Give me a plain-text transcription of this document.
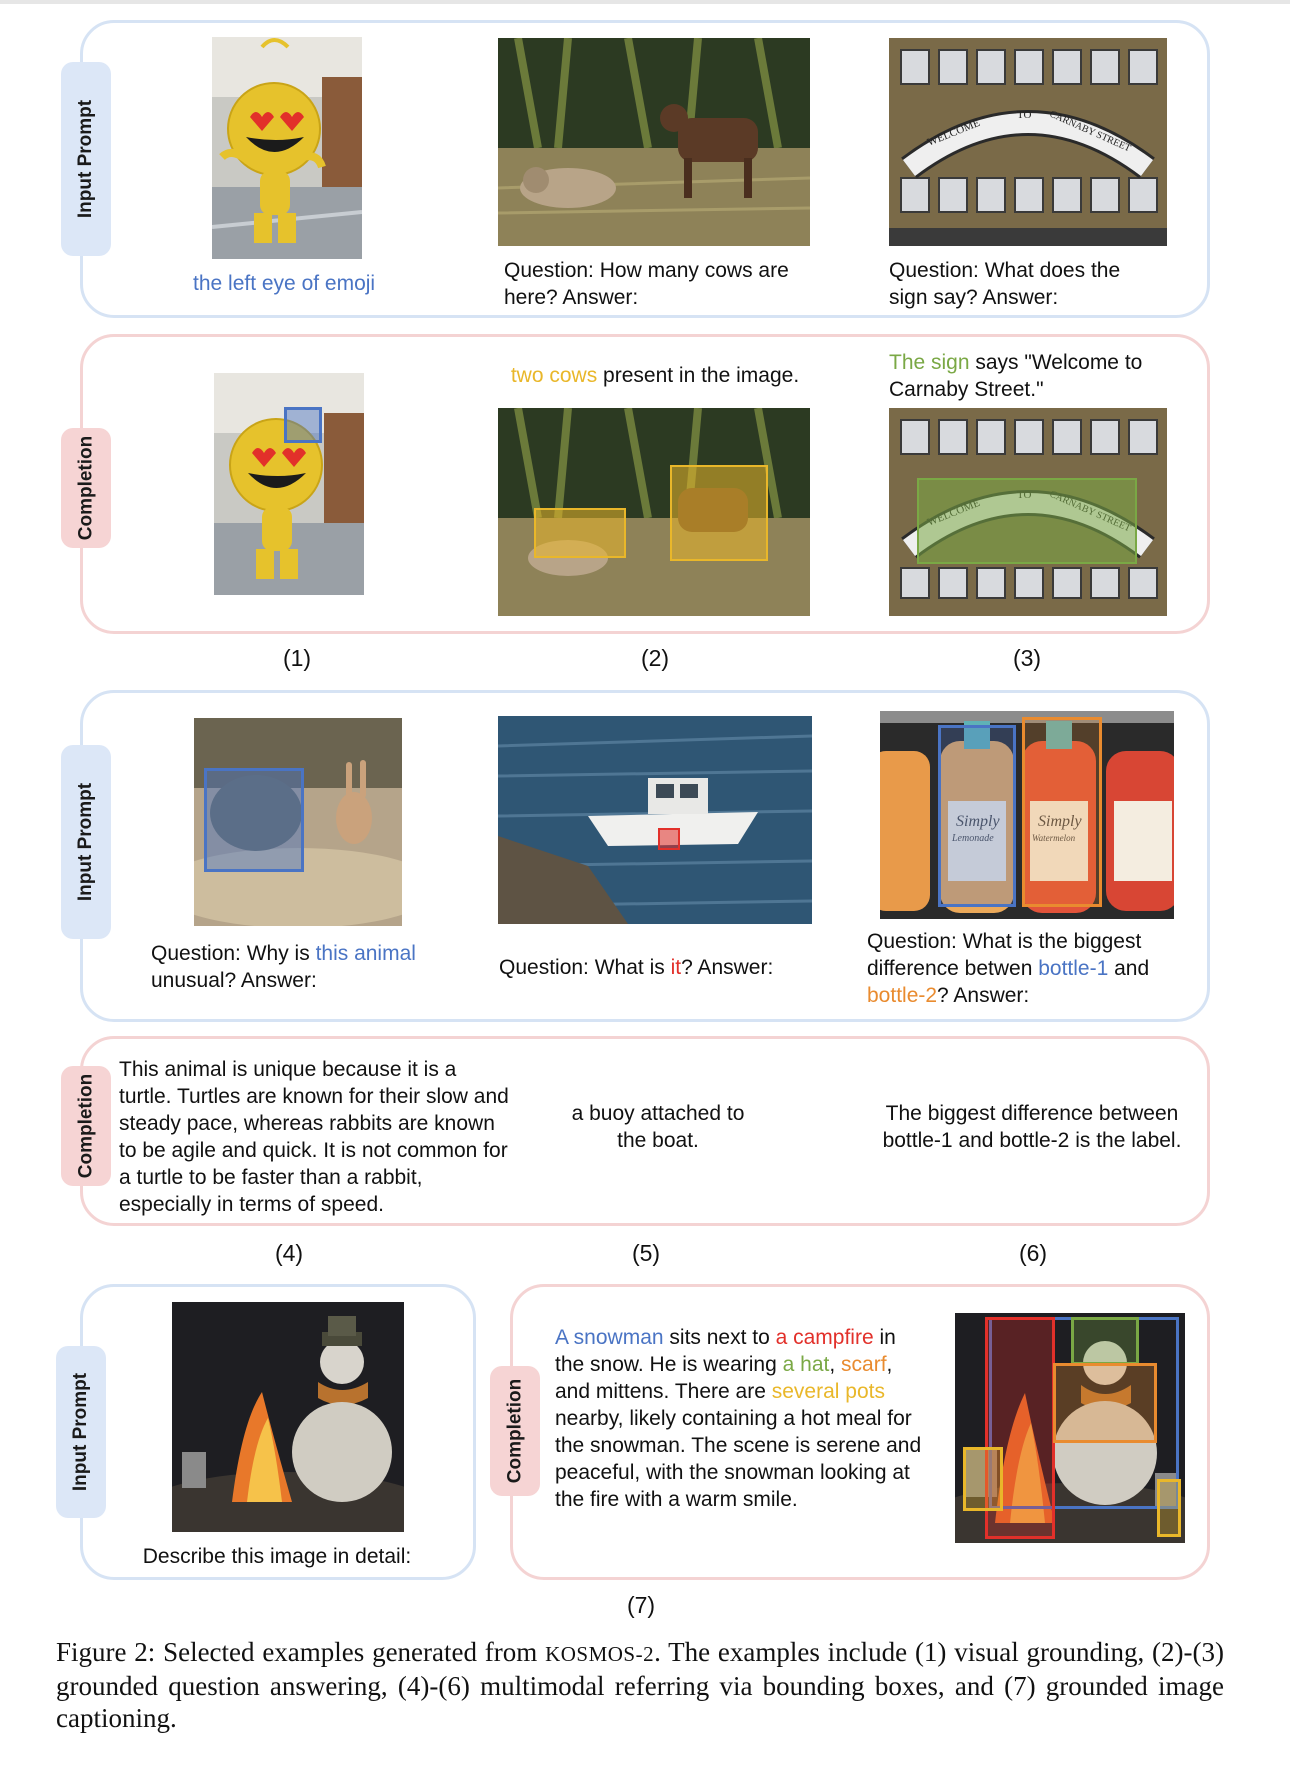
Input Prompt
the left eye of emoji
Question: How many cows are here? Answer:
WELCOME
TO CARNABY STREET
Question: What does the sign say? Answer:
Completion
two cows present in the image.
The sign says "Welcome to Carnaby Street."
(1)	(2)	(3)
Input Prompt
Question: Why is this animal unusual? Answer:
Question: What is it? Answer:
Simply
Lemonade
Simply
Watermelon
Question: What is the biggest difference betwen bottle-1 and bottle-2? Answer:
Completion
This animal is unique because it is a turtle. Turtles are known for their slow and steady pace, whereas rabbits are known to be agile and quick. It is not common for a turtle to be faster than a rabbit, especially in terms of speed.
a buoy attached to the boat.
The biggest difference between bottle-1 and bottle-2 is the label.
(4)	(5)	(6)
Input Prompt
Describe this image in detail:
Completion
A snowman sits next to a campfire in the snow. He is wearing a hat, scarf, and mittens. There are several pots nearby, likely containing a hot meal for the snowman. The scene is serene and peaceful, with the snowman looking at the fire with a warm smile.
(7)
Figure 2: Selected examples generated from KOSMOS-2. The examples include (1) visual grounding, (2)-(3) grounded question answering, (4)-(6) multimodal referring via bounding boxes, and (7) grounded image captioning.
